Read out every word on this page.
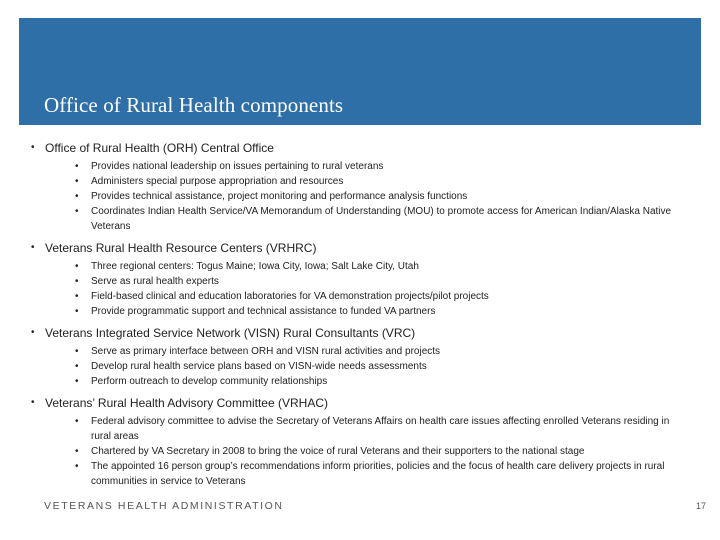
Office of Rural Health components
• Office of Rural Health (ORH) Central Office
•	Provides national leadership on issues pertaining to rural veterans
•	Administers special purpose appropriation and resources
•	Provides technical assistance, project monitoring and performance analysis functions
•	Coordinates Indian Health Service/VA Memorandum of Understanding (MOU) to promote access for American Indian/Alaska Native Veterans
• Veterans Rural Health Resource Centers (VRHRC)
•	Three regional centers: Togus Maine; Iowa City, Iowa; Salt Lake City, Utah
•	Serve as rural health experts
•	Field-based clinical and education laboratories for VA demonstration projects/pilot projects
•	Provide programmatic support and technical assistance to funded VA partners
• Veterans Integrated Service Network (VISN) Rural Consultants (VRC)
•	Serve as primary interface between ORH and VISN rural activities and projects
•	Develop rural health service plans based on VISN-wide needs assessments
•	Perform outreach to develop community relationships
• Veterans’ Rural Health Advisory Committee (VRHAC)
•	Federal advisory committee to advise the Secretary of Veterans Affairs on health care issues affecting enrolled Veterans residing in rural areas
•	Chartered by VA Secretary in 2008 to bring the voice of rural Veterans and their supporters to the national stage
•	The appointed 16 person group’s recommendations inform priorities, policies and the focus of health care delivery projects in rural communities in service to Veterans
VETERANS HEALTH ADMINISTRATION	17
